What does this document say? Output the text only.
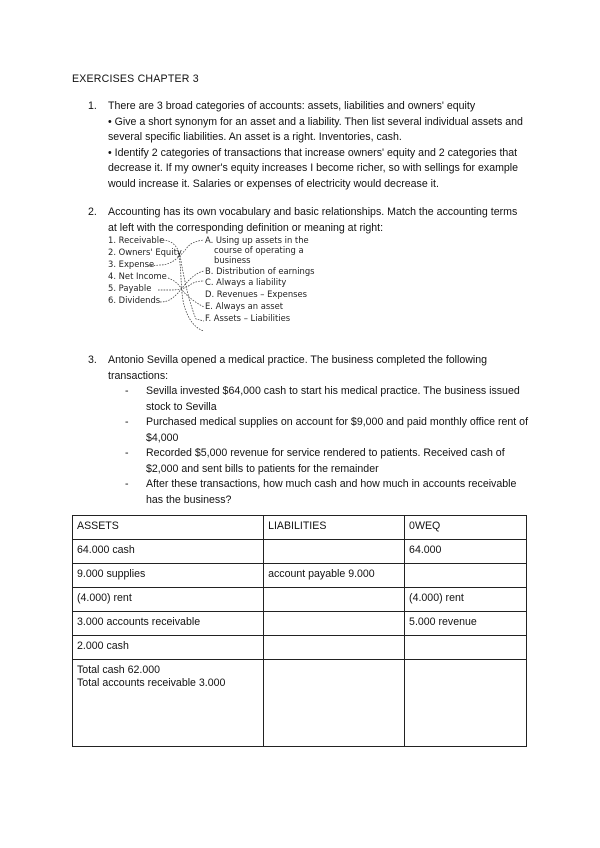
EXERCISES CHAPTER 3
1. There are 3 broad categories of accounts: assets, liabilities and owners' equity

• Give a short synonym for an asset and a liability. Then list several individual assets and several specific liabilities. An asset is a right. Inventories, cash.

• Identify 2 categories of transactions that increase owners' equity and 2 categories that decrease it. If my owner's equity increases I become richer, so with sellings for example would increase it. Salaries or expenses of electricity would decrease it.

2. Accounting has its own vocabulary and basic relationships. Match the accounting terms at left with the corresponding definition or meaning at right:

1. Receivable
2. Owners' Equity
3. Expense
4. Net Income
5. Payable
6. Dividends
A. Using up assets in the
course of operating a
business
B. Distribution of earnings
C. Always a liability
D. Revenues – Expenses
E. Always an asset
F. Assets – Liabilities
3. Antonio Sevilla opened a medical practice. The business completed the following transactions:

- Sevilla invested $64,000 cash to start his medical practice. The business issued stock to Sevilla

- Purchased medical supplies on account for $9,000 and paid monthly office rent of $4,000

- Recorded $5,000 revenue for service rendered to patients. Received cash of $2,000 and sent bills to patients for the remainder

- After these transactions, how much cash and how much in accounts receivable has the business?

ASSETS	LIABILITIES	0WEQ
64.000 cash		64.000
9.000 supplies	account payable 9.000	
(4.000) rent		(4.000) rent
3.000 accounts receivable		5.000 revenue
2.000 cash		

Total cash 62.000
Total accounts receivable 3.000		
